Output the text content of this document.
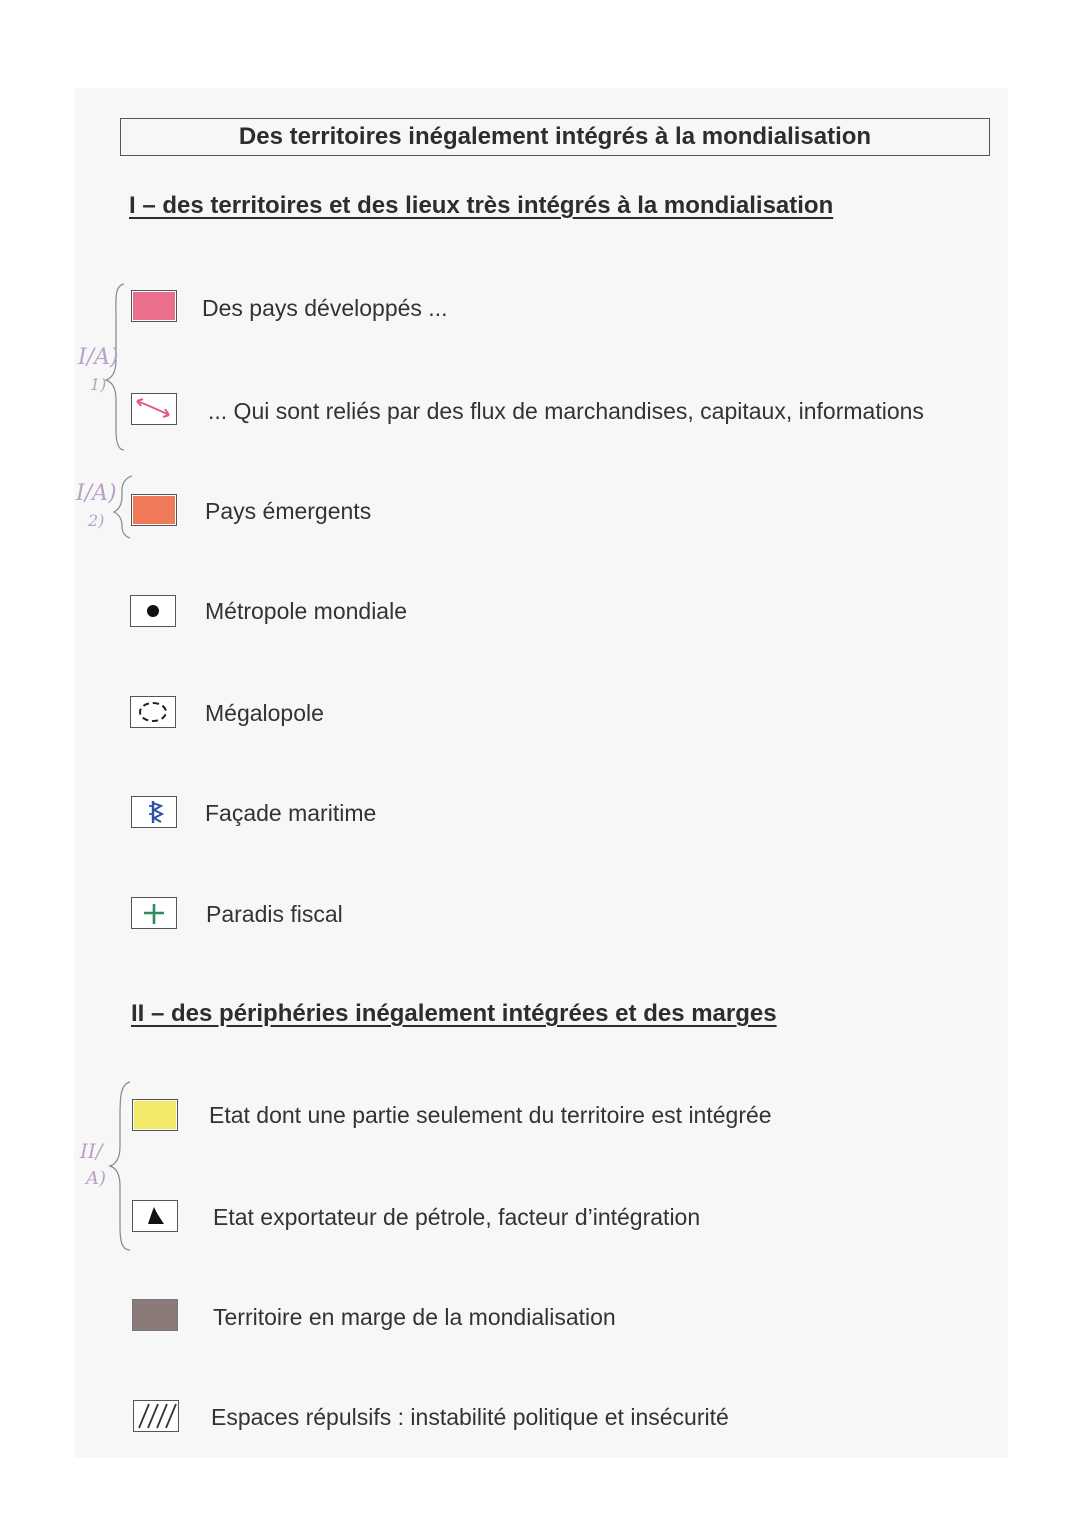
Des territoires inégalement intégrés à la mondialisation
I – des territoires et des lieux très intégrés à la mondialisation
I/A)
1)
I/A)
2)
Des pays développés ...
... Qui sont reliés par des flux de marchandises, capitaux, informations
Pays émergents
Métropole mondiale
Mégalopole
Façade maritime
Paradis fiscal
II – des périphéries inégalement intégrées et des marges
II/
A)
Etat dont une partie seulement du territoire est intégrée
Etat exportateur de pétrole, facteur d’intégration
Territoire en marge de la mondialisation
Espaces répulsifs : instabilité politique et insécurité
